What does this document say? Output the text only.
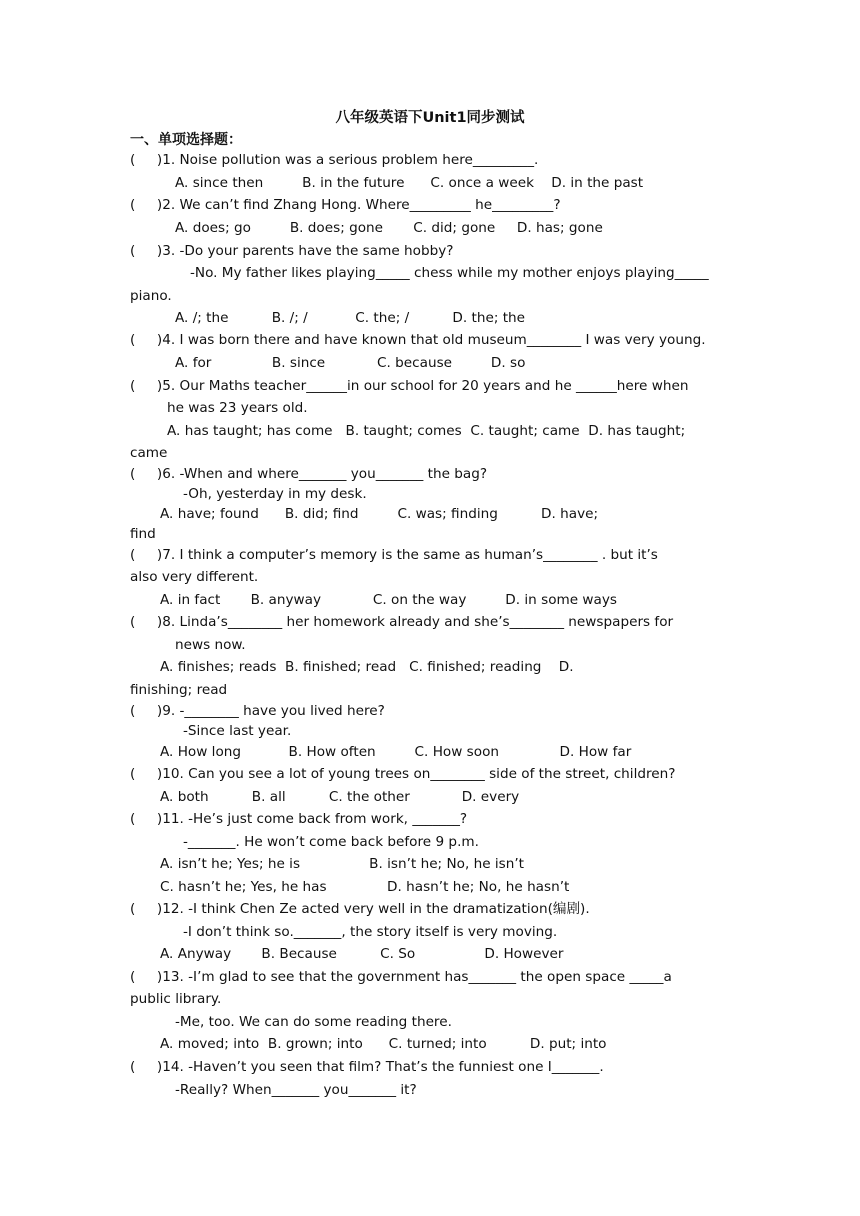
八年级英语下Unit1同步测试
一、单项选择题：
(     )1. Noise pollution was a serious problem here_________.
A. since then         B. in the future      C. once a week    D. in the past
(     )2. We can’t find Zhang Hong. Where_________ he_________?
A. does; go         B. does; gone       C. did; gone     D. has; gone
(     )3. -Do your parents have the same hobby?
-No. My father likes playing_____ chess while my mother enjoys playing_____
piano.
A. /; the          B. /; /           C. the; /          D. the; the
(     )4. I was born there and have known that old museum________ I was very young.
A. for              B. since            C. because         D. so
(     )5. Our Maths teacher______in our school for 20 years and he ______here when
he was 23 years old.
A. has taught; has come   B. taught; comes  C. taught; came  D. has taught;
came
(     )6. -When and where_______ you_______ the bag?
-Oh, yesterday in my desk.
A. have; found      B. did; find         C. was; finding          D. have;
find
(     )7. I think a computer’s memory is the same as human’s________ . but it’s
also very different.
A. in fact       B. anyway            C. on the way         D. in some ways
(     )8. Linda’s________ her homework already and she’s________ newspapers for
news now.
A. finishes; reads  B. finished; read   C. finished; reading    D.
finishing; read
(     )9. -________ have you lived here?
-Since last year.
A. How long           B. How often         C. How soon              D. How far
(     )10. Can you see a lot of young trees on________ side of the street, children?
A. both          B. all          C. the other            D. every
(     )11. -He’s just come back from work, _______?
-_______. He won’t come back before 9 p.m.
A. isn’t he; Yes; he is                B. isn’t he; No, he isn’t
C. hasn’t he; Yes, he has              D. hasn’t he; No, he hasn’t
(     )12. -I think Chen Ze acted very well in the dramatization(编剧).
-I don’t think so._______, the story itself is very moving.
A. Anyway       B. Because          C. So                D. However
(     )13. -I’m glad to see that the government has_______ the open space _____a
public library.
-Me, too. We can do some reading there.
A. moved; into  B. grown; into      C. turned; into          D. put; into
(     )14. -Haven’t you seen that film? That’s the funniest one I_______.
-Really? When_______ you_______ it?
